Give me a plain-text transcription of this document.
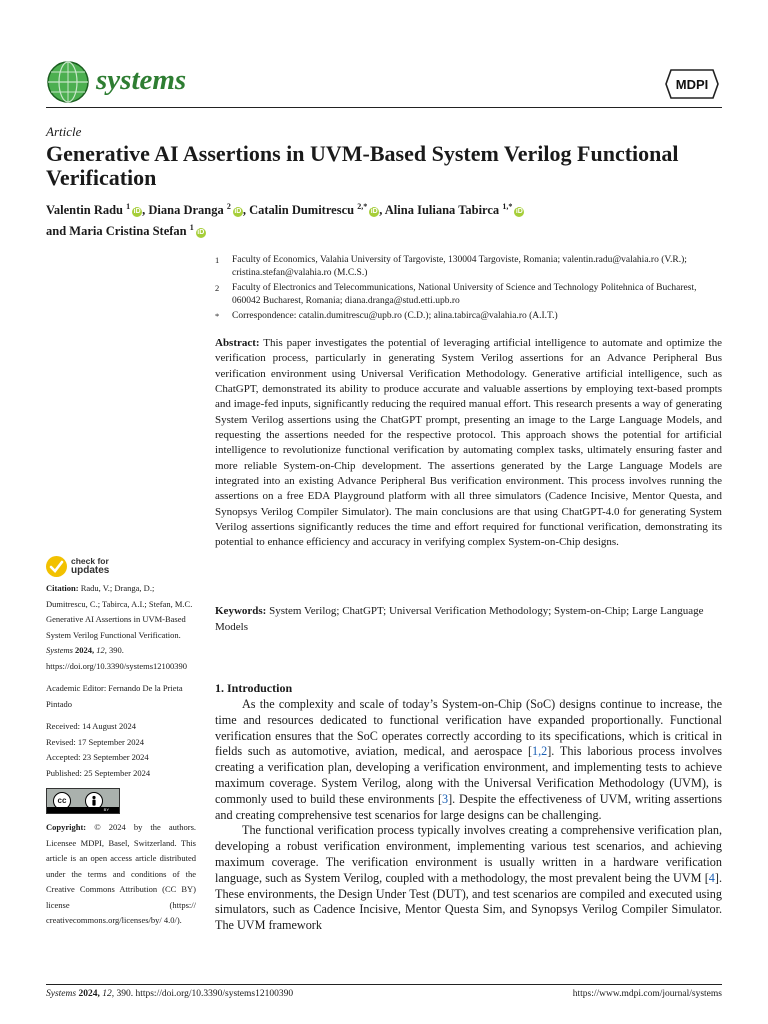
systems	MDPI
Article
Generative AI Assertions in UVM-Based System Verilog Functional Verification
Valentin Radu $^1$iD , Diana Dranga $^2$iD , Catalin Dumitrescu $^{2,*}$iD , Alina Iuliana Tabirca $^{1,*}$iD
and Maria Cristina Stefan $^1$iD
1	Faculty of Economics, Valahia University of Targoviste, 130004 Targoviste, Romania; valentin.radu@valahia.ro (V.R.); cristina.stefan@valahia.ro (M.C.S.)
2	Faculty of Electronics and Telecommunications, National University of Science and Technology Politehnica of Bucharest, 060042 Bucharest, Romania; diana.dranga@stud.etti.upb.ro
*	Correspondence: catalin.dumitrescu@upb.ro (C.D.); alina.tabirca@valahia.ro (A.I.T.)
Abstract: This paper investigates the potential of leveraging artificial intelligence to automate and optimize the verification process, particularly in generating System Verilog assertions for an Advance Peripheral Bus verification environment using Universal Verification Methodology. Generative artificial intelligence, such as ChatGPT, demonstrated its ability to produce accurate and valuable assertions by employing text-based prompts and image-fed inputs, significantly reducing the required manual effort. This research presents a way of generating System Verilog assertions using the ChatGPT prompt, presenting an image to the Large Language Models, and requesting the assertions needed for the respective protocol. This approach shows the potential for artificial intelligence to revolutionize functional verification by automating complex tasks, ultimately ensuring faster and more reliable System-on-Chip development. The assertions generated by the Large Language Models are integrated into an existing Advance Peripheral Bus verification environment. This process involves running the assertions on a free EDA Playground platform with all three simulators (Cadence Incisive, Mentor Questa, and Synopsys Verilog Compiler Simulator). The main conclusions are that using ChatGPT-4.0 for generating System Verilog assertions significantly reduces the time and effort required for functional verification, demonstrating its potential to enhance efficiency and accuracy in verifying complex System-on-Chip designs.
Keywords: System Verilog; ChatGPT; Universal Verification Methodology; System-on-Chip; Large Language Models
check for
updates

Citation: Radu, V.; Dranga, D.; Dumitrescu, C.; Tabirca, A.I.; Stefan, M.C. Generative AI Assertions in UVM-Based System Verilog Functional Verification. Systems 2024, 12, 390. https://doi.org/10.3390/systems12100390

Academic Editor: Fernando De la Prieta Pintado

Received: 14 August 2024

Revised: 17 September 2024

Accepted: 23 September 2024

Published: 25 September 2024

cc
BY

Copyright: © 2024 by the authors. Licensee MDPI, Basel, Switzerland. This article is an open access article distributed under the terms and conditions of the Creative Commons Attribution (CC BY) license (https:// creativecommons.org/licenses/by/ 4.0/).

1. Introduction

As the complexity and scale of today’s System-on-Chip (SoC) designs continue to increase, the time and resources dedicated to functional verification have expanded proportionally. Functional verification ensures that the SoC operates correctly according to its specifications, which is critical in fields such as automotive, aviation, medical, and aerospace [1,2]. This laborious process involves creating a verification plan, developing a verification environment, and implementing tests to achieve maximum coverage. System Verilog, along with the Universal Verification Methodology (UVM), is commonly used to build these environments [3]. Despite the effectiveness of UVM, writing assertions and creating comprehensive test scenarios for large designs can be challenging.

The functional verification process typically involves creating a comprehensive verification plan, developing a robust verification environment, implementing various test scenarios, and achieving maximum coverage. The verification environment is usually written in a hardware verification language, such as System Verilog, coupled with a methodology, the most prevalent being the UVM [4]. These environments, the Design Under Test (DUT), and test scenarios are compiled and executed using simulators, such as Cadence Incisive, Mentor Questa Sim, and Synopsys Verilog Compiler Simulator. The UVM framework

Systems 2024, 12, 390. https://doi.org/10.3390/systems12100390	https://www.mdpi.com/journal/systems
